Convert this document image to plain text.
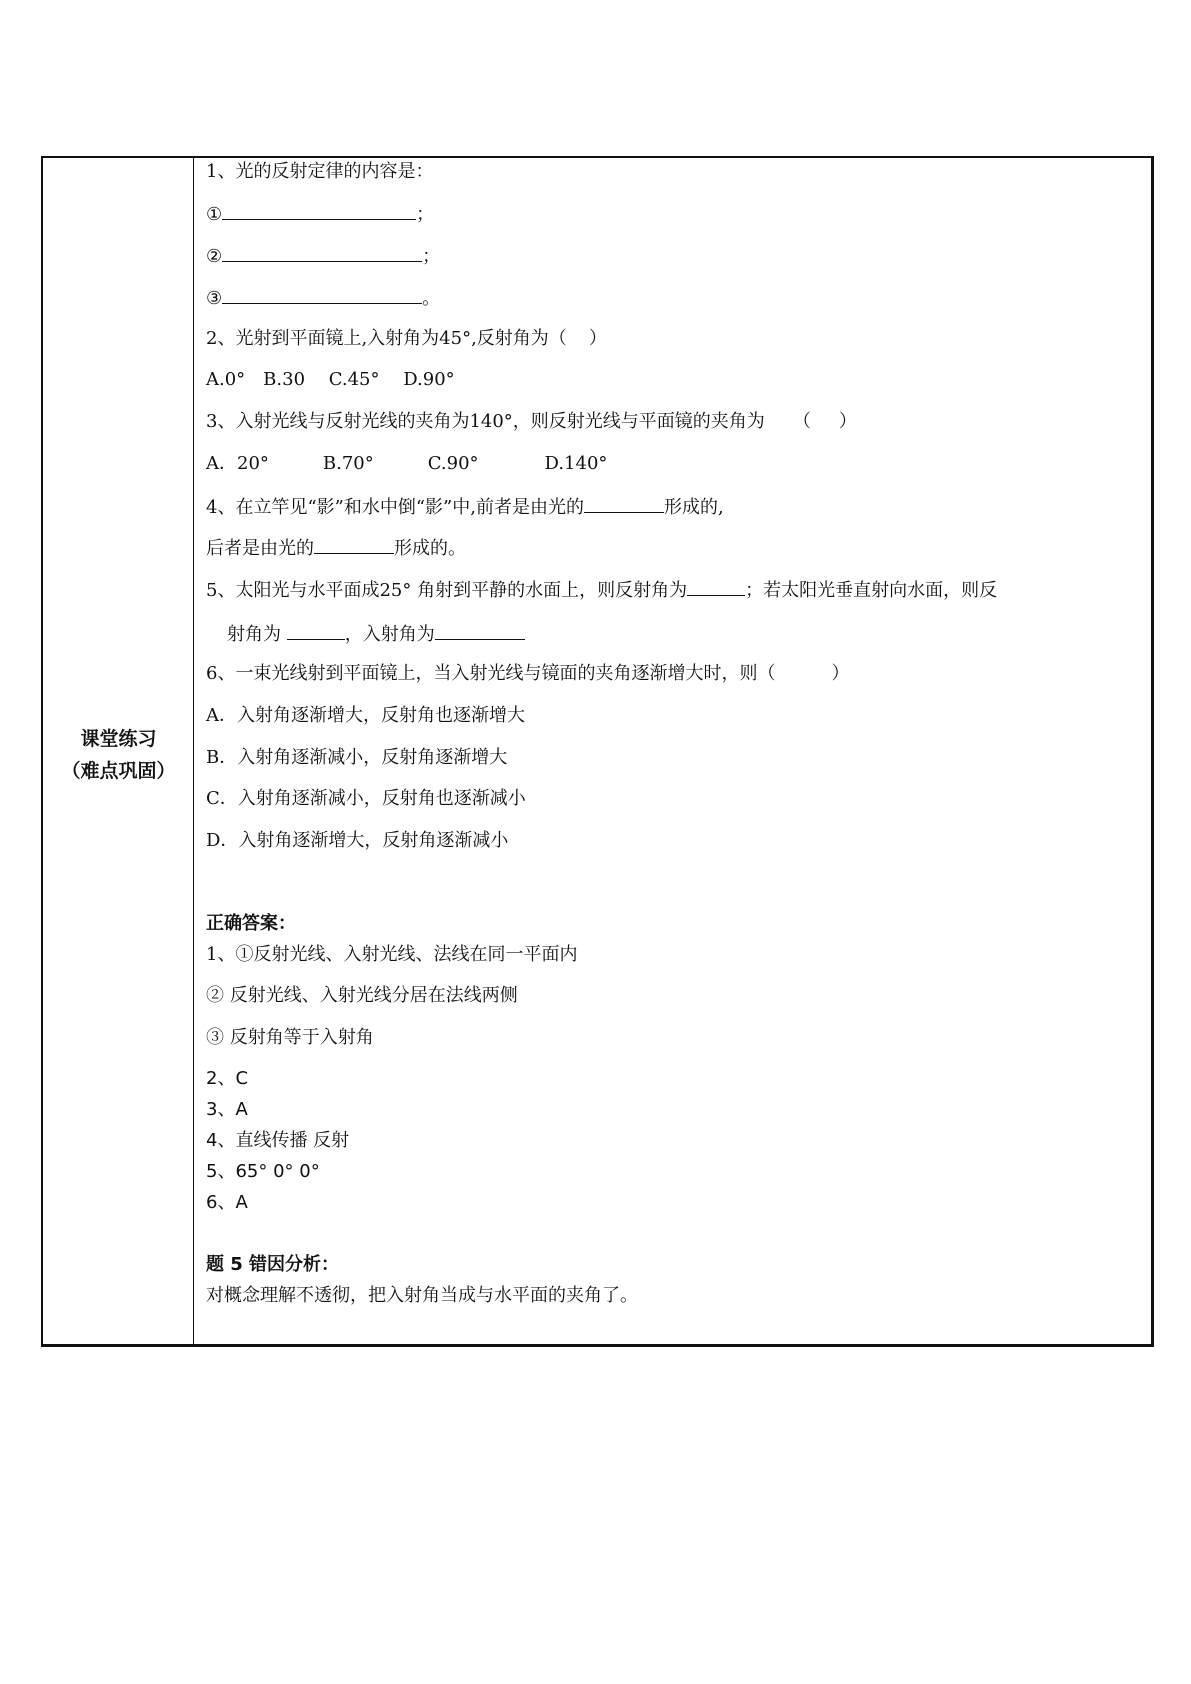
课堂练习
（难点巩固）
1、光的反射定律的内容是：
①	；
②	；
③	。
2、光射到平面镜上,入射角为45°,反射角为（ ）
A.0°　B.30　 C.45°　 D.90°
3、入射光线与反射光线的夹角为140°，则反射光线与平面镜的夹角为 （ ）
A．20°	B.70°	C.90°	D.140°
4、在立竿见“影”和水中倒“影”中,前者是由光的	形成的,
后者是由光的	形成的。
5、太阳光与水平面成25° 角射到平静的水面上，则反射角为	；若太阳光垂直射向水面，则反
射角为	，入射角为
6、一束光线射到平面镜上，当入射光线与镜面的夹角逐渐增大时，则（	）
A．入射角逐渐增大，反射角也逐渐增大
B．入射角逐渐减小，反射角逐渐增大
C．入射角逐渐减小，反射角也逐渐减小
D．入射角逐渐增大，反射角逐渐减小
正确答案：
1、①反射光线、入射光线、法线在同一平面内
② 反射光线、入射光线分居在法线两侧
③ 反射角等于入射角
2、C
3、A
4、直线传播 反射
5、65° 0° 0°
6、A
题 5 错因分析：
对概念理解不透彻，把入射角当成与水平面的夹角了。
